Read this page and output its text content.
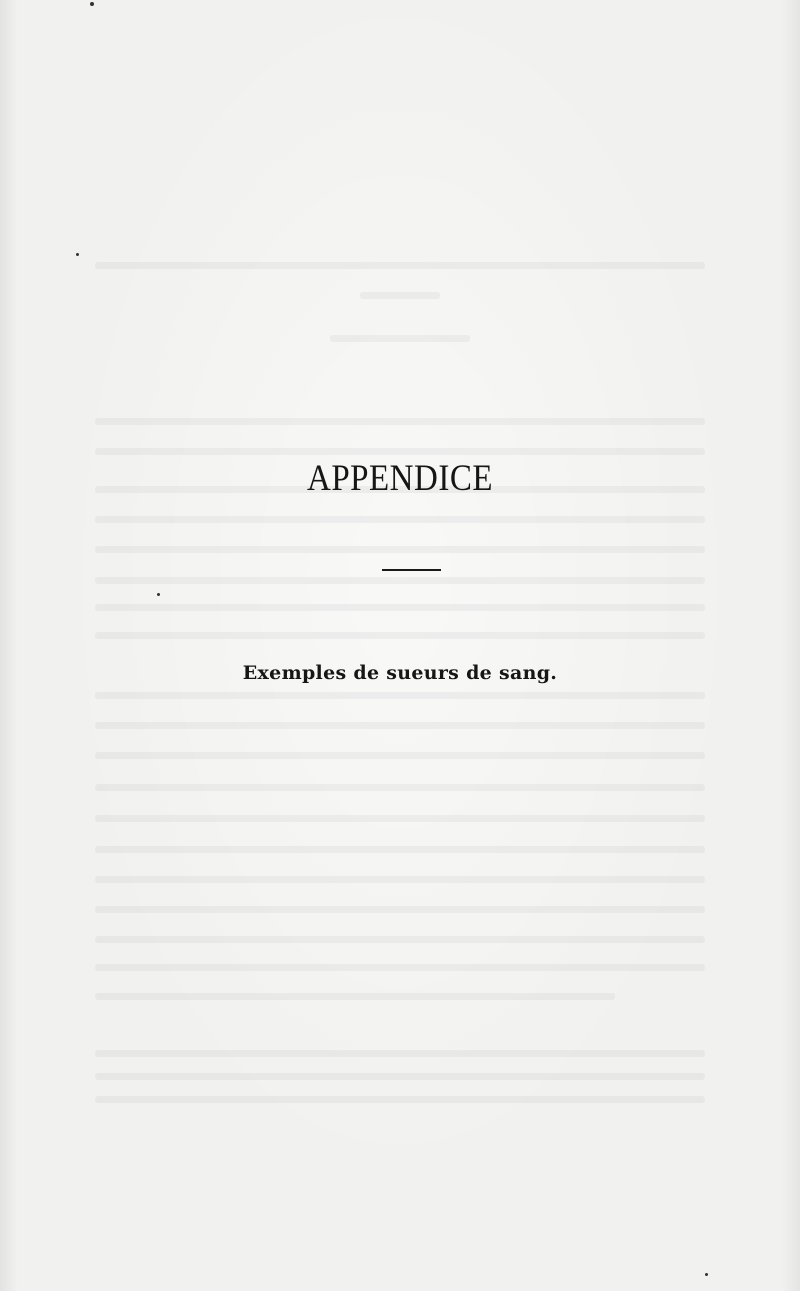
APPENDICE
Exemples de sueurs de sang.
